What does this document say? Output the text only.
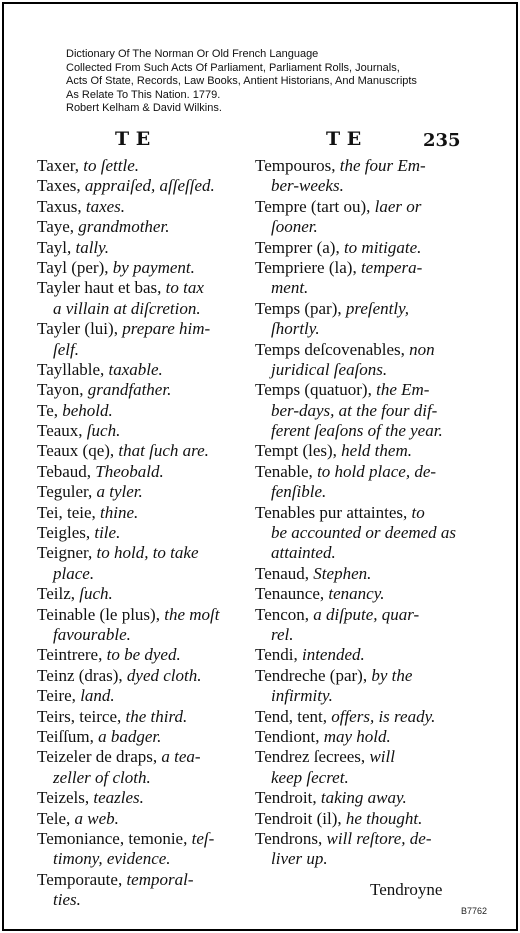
Dictionary Of The Norman Or Old French Language
Collected From Such Acts Of Parliament, Parliament Rolls, Journals,
Acts Of State, Records, Law Books, Antient Historians, And Manuscripts
As Relate To This Nation. 1779.
Robert Kelham & David Wilkins.
T E	T E	235
Taxer, to ſettle.
Taxes, appraiſed, aſſeſſed.
Taxus, taxes.
Taye, grandmother.
Tayl, tally.
Tayl (per), by payment.
Tayler haut et bas, to tax
a villain at diſcretion.
Tayler (lui), prepare him-
ſelf.
Tayllable, taxable.
Tayon, grandfather.
Te, behold.
Teaux, ſuch.
Teaux (qe), that ſuch are.
Tebaud, Theobald.
Teguler, a tyler.
Tei, teie, thine.
Teigles, tile.
Teigner, to hold, to take
place.
Teilz, ſuch.
Teinable (le plus), the moſt
favourable.
Teintrere, to be dyed.
Teinz (dras), dyed cloth.
Teire, land.
Teirs, teirce, the third.
Teiſſum, a badger.
Teizeler de draps, a tea-
zeller of cloth.
Teizels, teazles.
Tele, a web.
Temoniance, temonie, teſ-
timony, evidence.
Temporaute, temporal-
ties.
Tempouros, the four Em-
ber-weeks.
Tempre (tart ou), laer or
ſooner.
Temprer (a), to mitigate.
Tempriere (la), tempera-
ment.
Temps (par), preſently,
ſhortly.
Temps deſcovenables, non
juridical ſeaſons.
Temps (quatuor), the Em-
ber-days, at the four dif-
ferent ſeaſons of the year.
Tempt (les), held them.
Tenable, to hold place, de-
fenſible.
Tenables pur attaintes, to
be accounted or deemed as
attainted.
Tenaud, Stephen.
Tenaunce, tenancy.
Tencon, a diſpute, quar-
rel.
Tendi, intended.
Tendreche (par), by the
infirmity.
Tend, tent, offers, is ready.
Tendiont, may hold.
Tendrez ſecrees, will
keep ſecret.
Tendroit, taking away.
Tendroit (il), he thought.
Tendrons, will reſtore, de-
liver up.
Tendroyne
B7762
